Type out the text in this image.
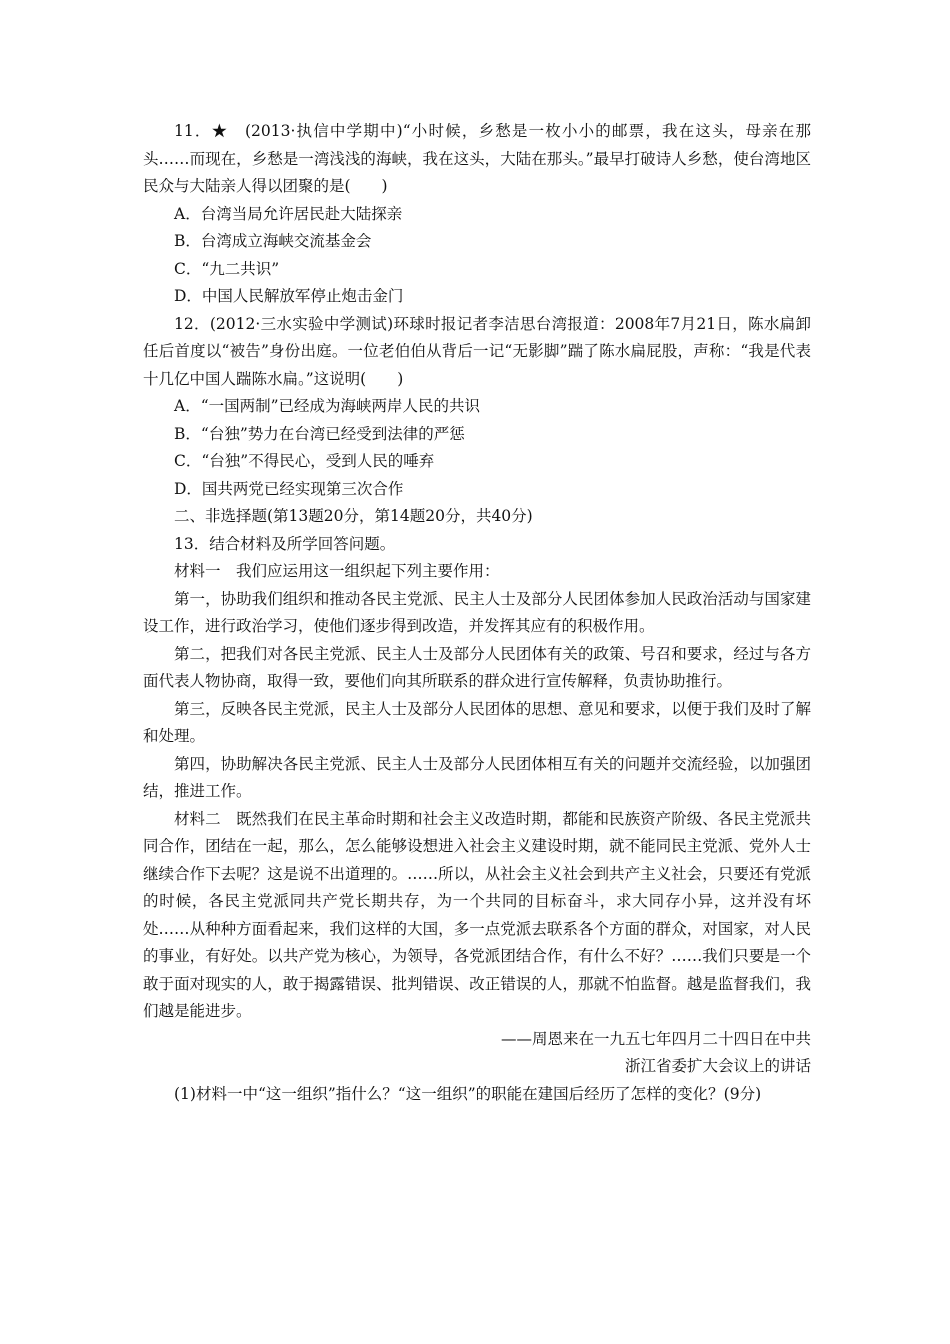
11．★　(2013·执信中学期中)“小时候，乡愁是一枚小小的邮票，我在这头，母亲在那头……而现在，乡愁是一湾浅浅的海峡，我在这头，大陆在那头。”最早打破诗人乡愁，使台湾地区民众与大陆亲人得以团聚的是(　　)

A．台湾当局允许居民赴大陆探亲

B．台湾成立海峡交流基金会

C．“九二共识”

D．中国人民解放军停止炮击金门

12．(2012·三水实验中学测试)环球时报记者李洁思台湾报道：2008年7月21日，陈水扁卸任后首度以“被告”身份出庭。一位老伯伯从背后一记“无影脚”踹了陈水扁屁股，声称：“我是代表十几亿中国人踹陈水扁。”这说明(　　)

A．“一国两制”已经成为海峡两岸人民的共识

B．“台独”势力在台湾已经受到法律的严惩

C．“台独”不得民心，受到人民的唾弃

D．国共两党已经实现第三次合作

二、非选择题(第13题20分，第14题20分，共40分)

13．结合材料及所学回答问题。

材料一　我们应运用这一组织起下列主要作用：

第一，协助我们组织和推动各民主党派、民主人士及部分人民团体参加人民政治活动与国家建设工作，进行政治学习，使他们逐步得到改造，并发挥其应有的积极作用。

第二，把我们对各民主党派、民主人士及部分人民团体有关的政策、号召和要求，经过与各方面代表人物协商，取得一致，要他们向其所联系的群众进行宣传解释，负责协助推行。

第三，反映各民主党派，民主人士及部分人民团体的思想、意见和要求，以便于我们及时了解和处理。

第四，协助解决各民主党派、民主人士及部分人民团体相互有关的问题并交流经验，以加强团结，推进工作。

材料二　既然我们在民主革命时期和社会主义改造时期，都能和民族资产阶级、各民主党派共同合作，团结在一起，那么，怎么能够设想进入社会主义建设时期，就不能同民主党派、党外人士继续合作下去呢？这是说不出道理的。……所以，从社会主义社会到共产主义社会，只要还有党派的时候，各民主党派同共产党长期共存，为一个共同的目标奋斗，求大同存小异，这并没有坏处……从种种方面看起来，我们这样的大国，多一点党派去联系各个方面的群众，对国家，对人民的事业，有好处。以共产党为核心，为领导，各党派团结合作，有什么不好？……我们只要是一个敢于面对现实的人，敢于揭露错误、批判错误、改正错误的人，那就不怕监督。越是监督我们，我们越是能进步。

——周恩来在一九五七年四月二十四日在中共

浙江省委扩大会议上的讲话

(1)材料一中“这一组织”指什么？“这一组织”的职能在建国后经历了怎样的变化？(9分)
